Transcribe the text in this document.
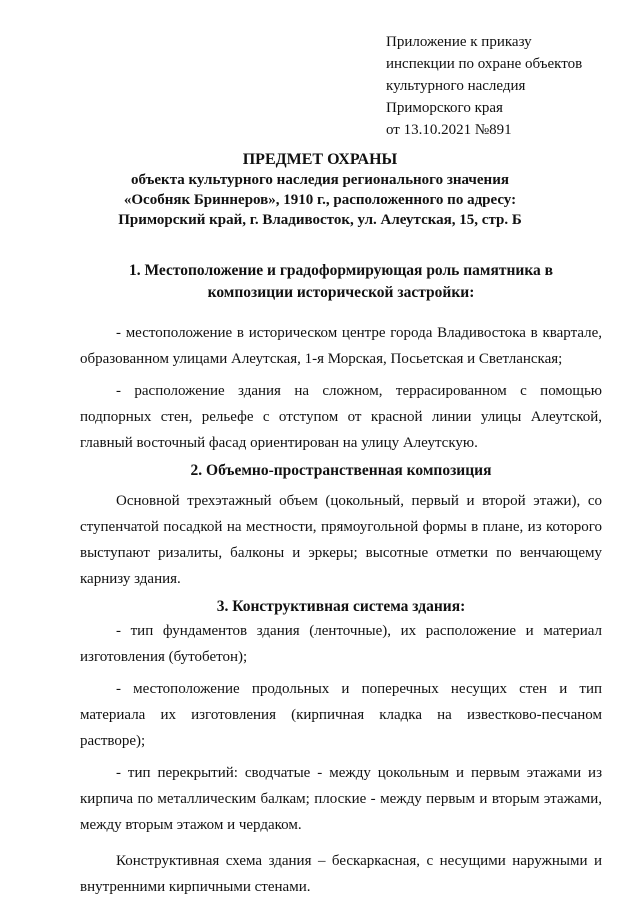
Приложение к приказу
инспекции по охране объектов
культурного наследия
Приморского края
от 13.10.2021 №891
ПРЕДМЕТ ОХРАНЫ
объекта культурного наследия регионального значения
«Особняк Бриннеров», 1910 г., расположенного по адресу:
Приморский край, г. Владивосток, ул. Алеутская, 15, стр. Б
1. Местоположение и градоформирующая роль памятника в
композиции исторической застройки:

- местоположение в историческом центре города Владивостока в квартале, образованном улицами Алеутская, 1-я Морская, Посьетская и Светланская;

- расположение здания на сложном, террасированном с помощью подпорных стен, рельефе с отступом от красной линии улицы Алеутской, главный восточный фасад ориентирован на улицу Алеутскую.

2. Объемно-пространственная композиция

Основной трехэтажный объем (цокольный, первый и второй этажи), со ступенчатой посадкой на местности, прямоугольной формы в плане, из которого выступают ризалиты, балконы и эркеры; высотные отметки по венчающему карнизу здания.

3. Конструктивная система здания:

- тип фундаментов здания (ленточные), их расположение и материал изготовления (бутобетон);

- местоположение продольных и поперечных несущих стен и тип материала их изготовления (кирпичная кладка на известково-песчаном растворе);

- тип перекрытий: сводчатые - между цокольным и первым этажами из кирпича по металлическим балкам; плоские - между первым и вторым этажами, между вторым этажом и чердаком.

Конструктивная схема здания – бескаркасная, с несущими наружными и внутренними кирпичными стенами.
